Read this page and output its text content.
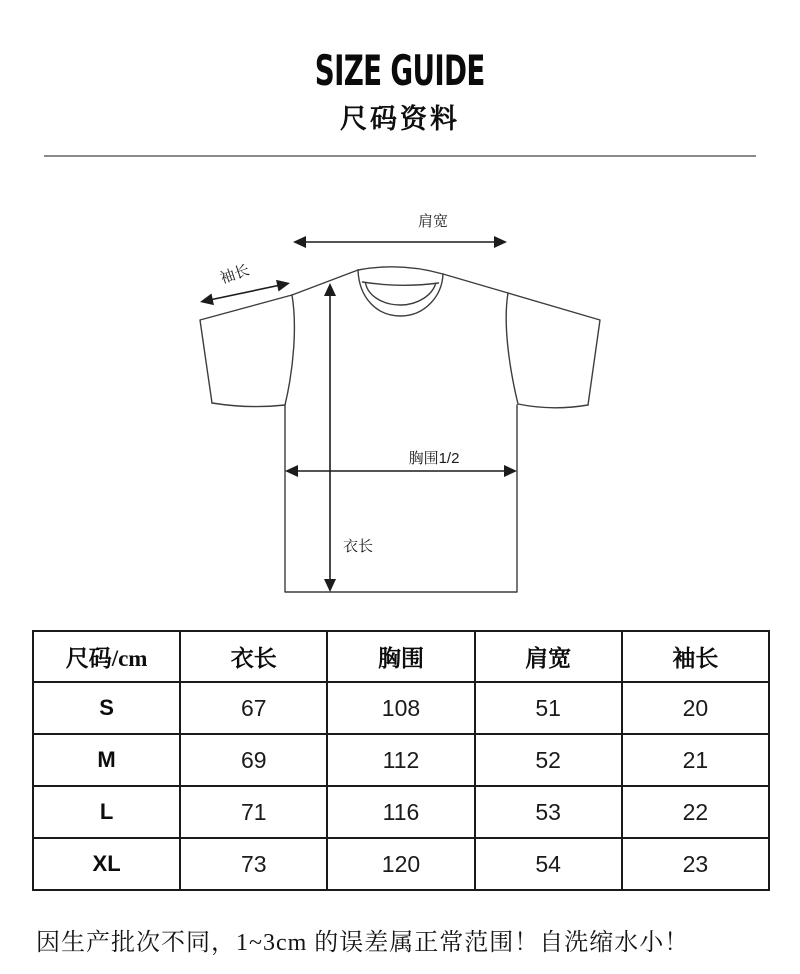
SIZE GUIDE
尺码资料
肩宽
袖长
胸围1/2
衣长
尺码/cm	衣长	胸围	肩宽	袖长
S	67	108	51	20
M	69	112	52	21
L	71	116	53	22
XL	73	120	54	23
因生产批次不同，1~3cm 的误差属正常范围！自洗缩水小！
